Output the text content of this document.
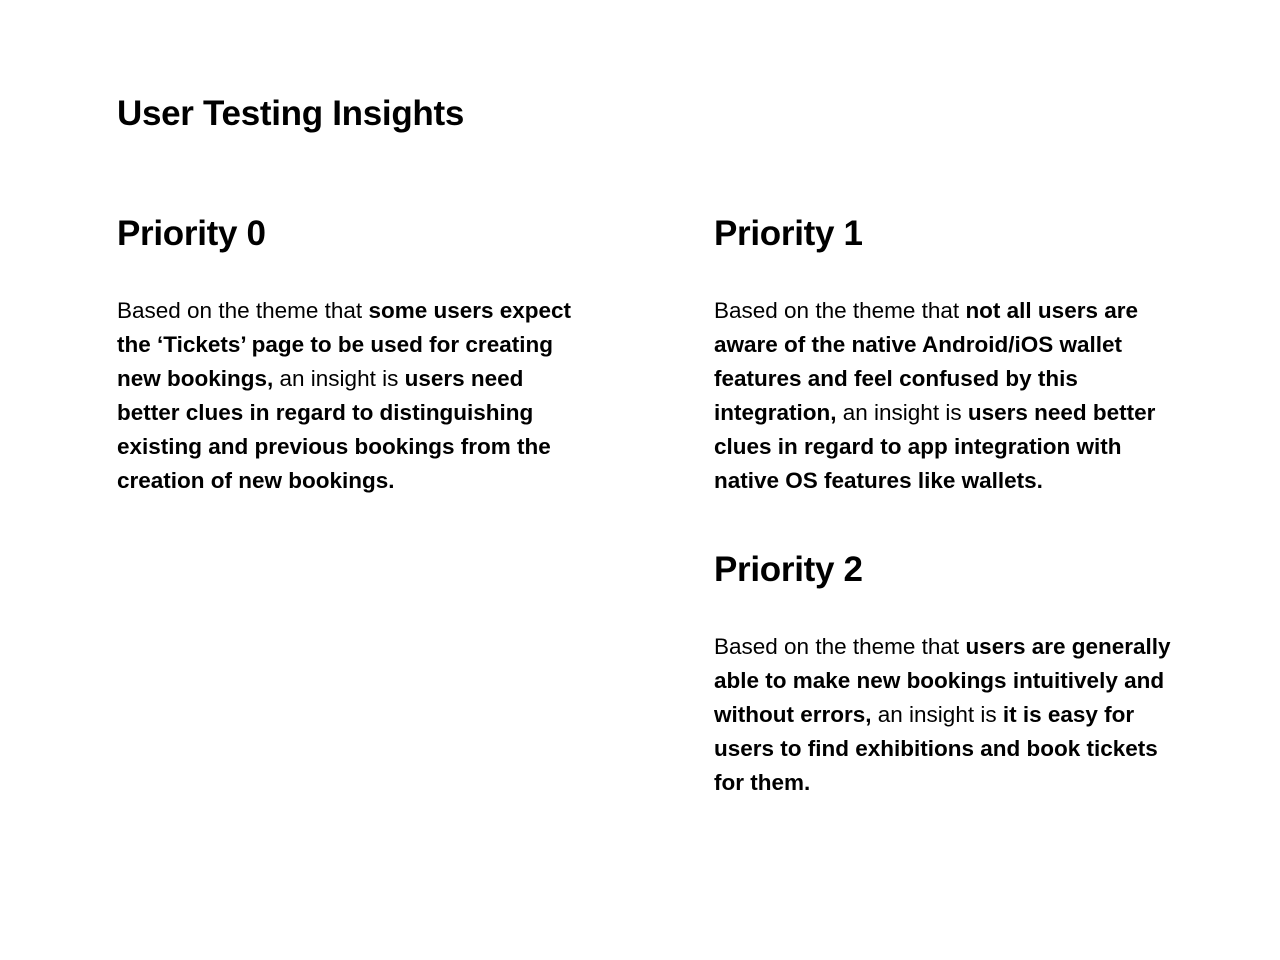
User Testing Insights
Priority 0

Based on the theme that some users expect the ‘Tickets’ page to be used for creating new bookings, an insight is users need better clues in regard to distinguishing existing and previous bookings from the creation of new bookings.

Priority 1

Based on the theme that not all users are aware of the native Android/iOS wallet features and feel confused by this integration, an insight is users need better clues in regard to app integration with native OS features like wallets.

Priority 2

Based on the theme that users are generally able to make new bookings intuitively and without errors, an insight is it is easy for users to find exhibitions and book tickets for them.
